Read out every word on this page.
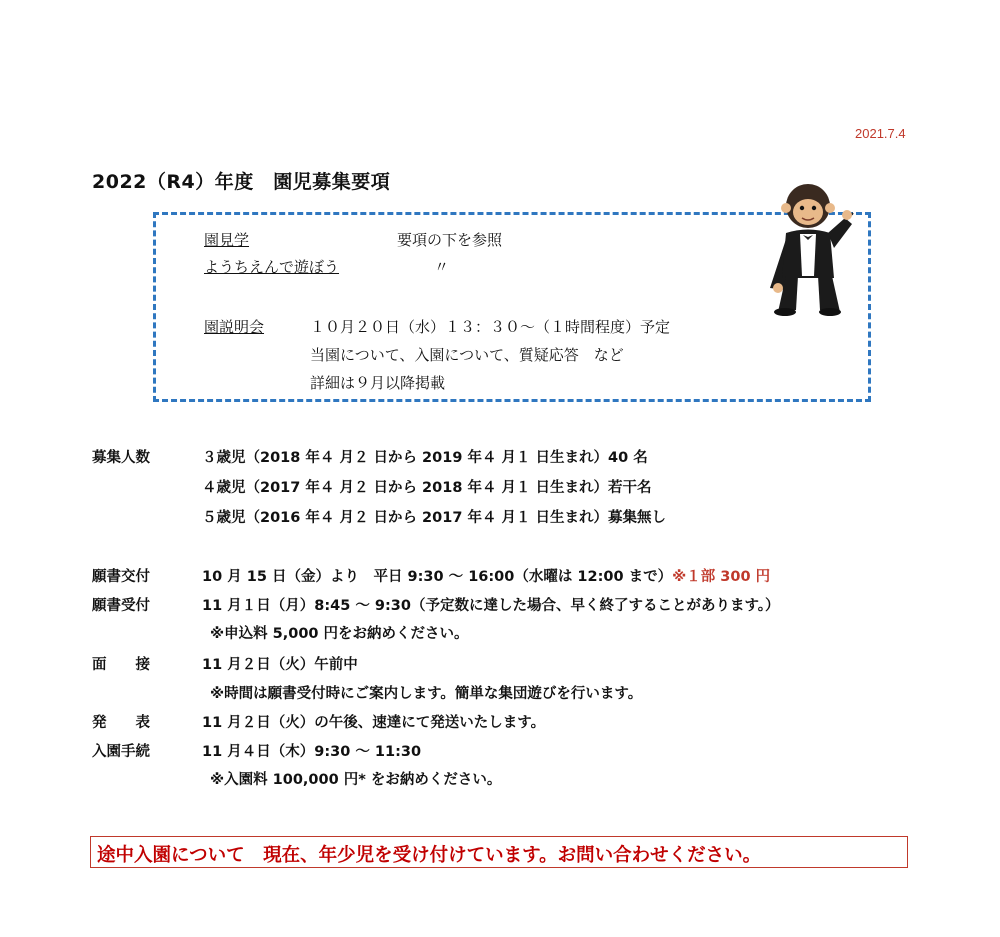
2021.7.4
2022（R4）年度　園児募集要項
園見学	要項の下を参照
ようちえんで遊ぼう	〃
園説明会	１０月２０日（水）１３：３０～（１時間程度）予定
当園について、入園について、質疑応答　など
詳細は９月以降掲載
募集人数	３歳児（2018 年４ 月２ 日から 2019 年４ 月１ 日生まれ）40 名
４歳児（2017 年４ 月２ 日から 2018 年４ 月１ 日生まれ）若干名
５歳児（2016 年４ 月２ 日から 2017 年４ 月１ 日生まれ）募集無し
願書交付	10 月 15 日（金）より　平日 9:30 ～ 16:00（水曜は 12:00 まで）※１部 300 円
願書受付	11 月１日（月）8:45 ～ 9:30（予定数に達した場合、早く終了することがあります。）
※申込料 5,000 円をお納めください。
面　　接	11 月２日（火）午前中
※時間は願書受付時にご案内します。簡単な集団遊びを行います。
発　　表	11 月２日（火）の午後、速達にて発送いたします。
入園手続	11 月４日（木）9:30 ～ 11:30
※入園料 100,000 円* をお納めください。
途中入園について　現在、年少児を受け付けています。お問い合わせください。
